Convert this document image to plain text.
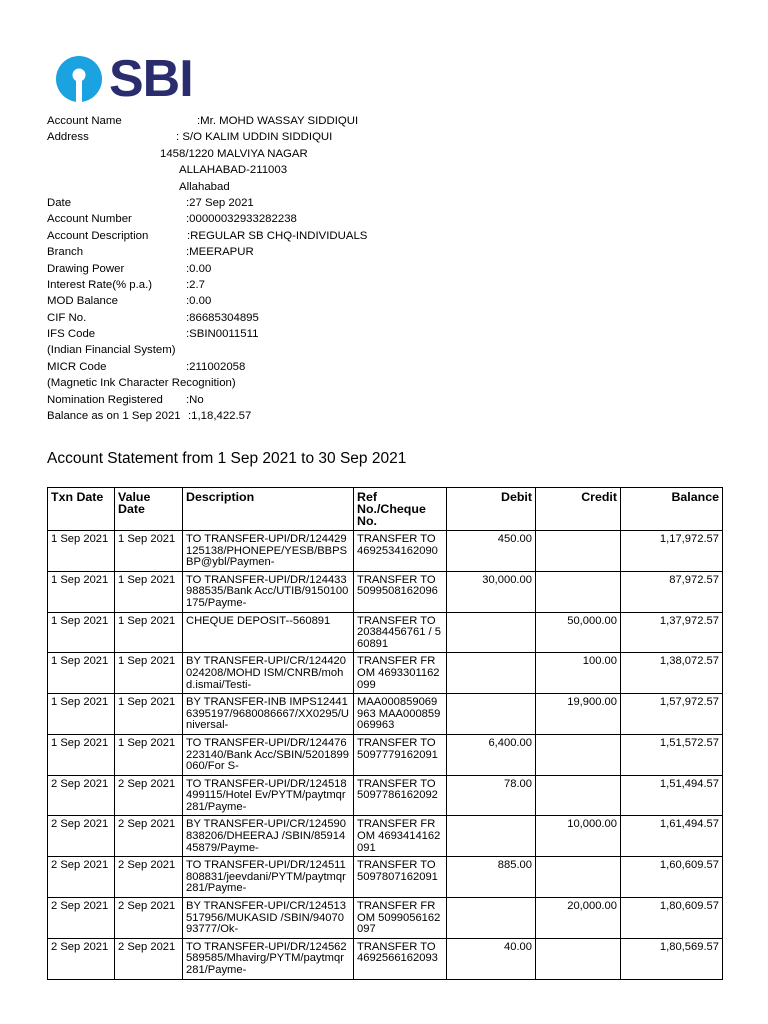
SBI
Account Name	:Mr. MOHD WASSAY SIDDIQUI
Address	: S/O KALIM UDDIN SIDDIQUI
1458/1220 MALVIYA NAGAR
ALLAHABAD-211003
Allahabad
Date	:27 Sep 2021
Account Number	:00000032933282238
Account Description	:REGULAR SB CHQ-INDIVIDUALS
Branch	:MEERAPUR
Drawing Power	:0.00
Interest Rate(% p.a.)	:2.7
MOD Balance	:0.00
CIF No.	:86685304895
IFS Code	:SBIN0011511
(Indian Financial System)
MICR Code	:211002058
(Magnetic Ink Character Recognition)
Nomination Registered :No
Balance as on 1 Sep 2021 :1,18,422.57
Account Statement from 1 Sep 2021 to 30 Sep 2021
Txn Date	Value Date	Description	Ref No./Cheque No.	Debit	Credit	Balance
1 Sep 2021	1 Sep 2021	TO TRANSFER-UPI/DR/124429125138/PHONEPE/YESB/BBPSBP@ybl/Paymen-	TRANSFER TO 4692534162090	450.00		1,17,972.57
1 Sep 2021	1 Sep 2021	TO TRANSFER-UPI/DR/124433988535/Bank Acc/UTIB/9150100175/Payme-	TRANSFER TO 5099508162096	30,000.00		87,972.57
1 Sep 2021	1 Sep 2021	CHEQUE DEPOSIT--560891	TRANSFER TO 20384456761 / 560891		50,000.00	1,37,972.57
1 Sep 2021	1 Sep 2021	BY TRANSFER-UPI/CR/124420024208/MOHD ISM/CNRB/mohd.ismai/Testi-	TRANSFER FROM 4693301162099		100.00	1,38,072.57
1 Sep 2021	1 Sep 2021	BY TRANSFER-INB IMPS124416395197/9680086667/XX0295/Universal-	MAA000859069963 MAA000859069963		19,900.00	1,57,972.57
1 Sep 2021	1 Sep 2021	TO TRANSFER-UPI/DR/124476223140/Bank Acc/SBIN/5201899060/For S-	TRANSFER TO 5097779162091	6,400.00		1,51,572.57
2 Sep 2021	2 Sep 2021	TO TRANSFER-UPI/DR/124518499115/Hotel Ev/PYTM/paytmqr281/Payme-	TRANSFER TO 5097786162092	78.00		1,51,494.57
2 Sep 2021	2 Sep 2021	BY TRANSFER-UPI/CR/124590838206/DHEERAJ /SBIN/8591445879/Payme-	TRANSFER FROM 4693414162091		10,000.00	1,61,494.57
2 Sep 2021	2 Sep 2021	TO TRANSFER-UPI/DR/124511808831/jeevdani/PYTM/paytmqr281/Payme-	TRANSFER TO 5097807162091	885.00		1,60,609.57
2 Sep 2021	2 Sep 2021	BY TRANSFER-UPI/CR/124513517956/MUKASID /SBIN/9407093777/Ok-	TRANSFER FROM 5099056162097		20,000.00	1,80,609.57
2 Sep 2021	2 Sep 2021	TO TRANSFER-UPI/DR/124562589585/Mhavirg/PYTM/paytmqr281/Payme-	TRANSFER TO 4692566162093	40.00		1,80,569.57
